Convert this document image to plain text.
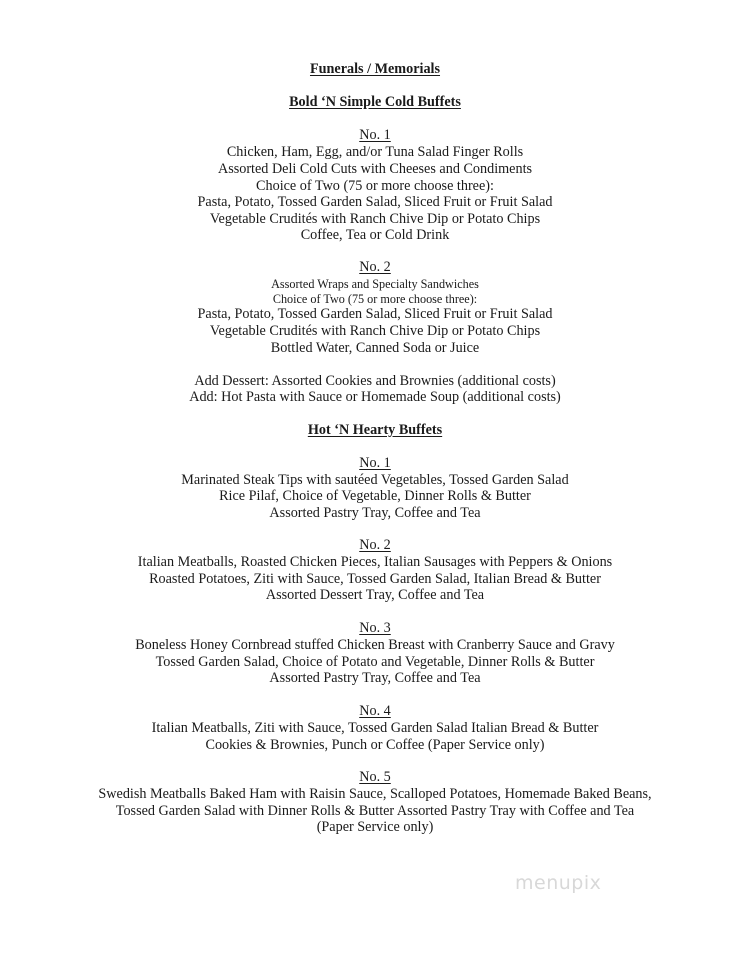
Funerals / Memorials
Bold ‘N Simple Cold Buffets
No. 1
Chicken, Ham, Egg, and/or Tuna Salad Finger Rolls
Assorted Deli Cold Cuts with Cheeses and Condiments
Choice of Two (75 or more choose three):
Pasta, Potato, Tossed Garden Salad, Sliced Fruit or Fruit Salad
Vegetable Crudités with Ranch Chive Dip or Potato Chips
Coffee, Tea or Cold Drink
No. 2
Assorted Wraps and Specialty Sandwiches
Choice of Two (75 or more choose three):
Pasta, Potato, Tossed Garden Salad, Sliced Fruit or Fruit Salad
Vegetable Crudités with Ranch Chive Dip or Potato Chips
Bottled Water, Canned Soda or Juice
Add Dessert: Assorted Cookies and Brownies (additional costs)
Add: Hot Pasta with Sauce or Homemade Soup (additional costs)
Hot ‘N Hearty Buffets
No. 1
Marinated Steak Tips with sautéed Vegetables, Tossed Garden Salad
Rice Pilaf, Choice of Vegetable, Dinner Rolls & Butter
Assorted Pastry Tray, Coffee and Tea
No. 2
Italian Meatballs, Roasted Chicken Pieces, Italian Sausages with Peppers & Onions
Roasted Potatoes, Ziti with Sauce, Tossed Garden Salad, Italian Bread & Butter
Assorted Dessert Tray, Coffee and Tea
No. 3
Boneless Honey Cornbread stuffed Chicken Breast with Cranberry Sauce and Gravy
Tossed Garden Salad, Choice of Potato and Vegetable, Dinner Rolls & Butter
Assorted Pastry Tray, Coffee and Tea
No. 4
Italian Meatballs, Ziti with Sauce, Tossed Garden Salad Italian Bread & Butter
Cookies & Brownies, Punch or Coffee (Paper Service only)
No. 5
Swedish Meatballs Baked Ham with Raisin Sauce, Scalloped Potatoes, Homemade Baked Beans,
Tossed Garden Salad with Dinner Rolls & Butter Assorted Pastry Tray with Coffee and Tea
(Paper Service only)
menupix
